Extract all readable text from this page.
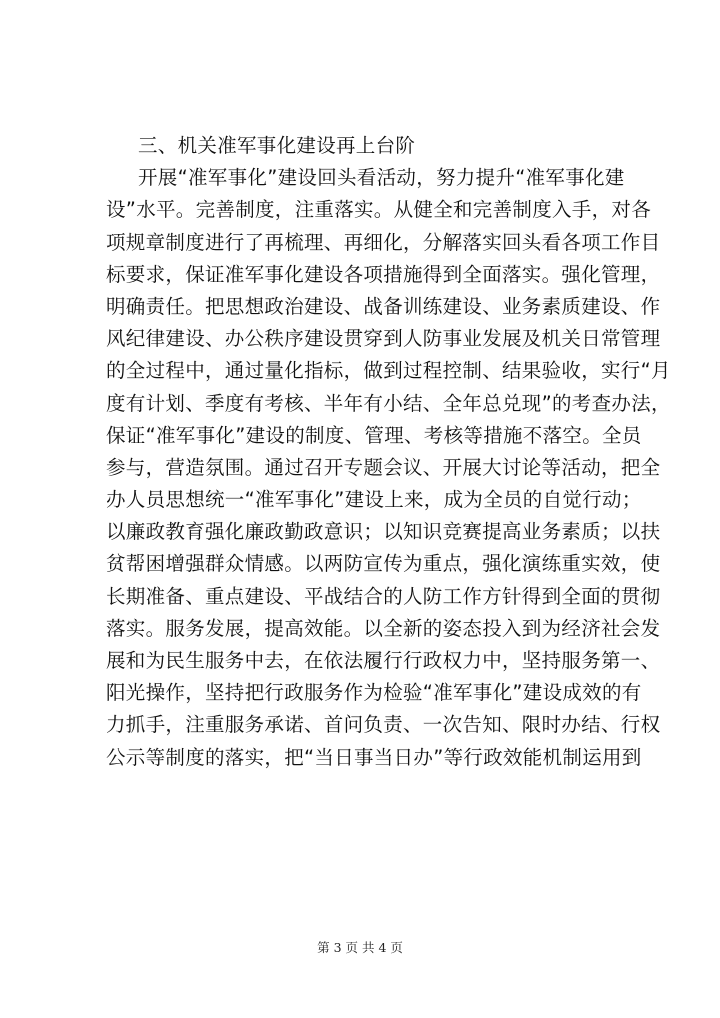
三、机关准军事化建设再上台阶
开展“准军事化”建设回头看活动，努力提升“准军事化建
设”水平。完善制度，注重落实。从健全和完善制度入手，对各
项规章制度进行了再梳理、再细化，分解落实回头看各项工作目
标要求，保证准军事化建设各项措施得到全面落实。强化管理，
明确责任。把思想政治建设、战备训练建设、业务素质建设、作
风纪律建设、办公秩序建设贯穿到人防事业发展及机关日常管理
的全过程中，通过量化指标，做到过程控制、结果验收，实行“月
度有计划、季度有考核、半年有小结、全年总兑现”的考查办法，
保证“准军事化”建设的制度、管理、考核等措施不落空。全员
参与，营造氛围。通过召开专题会议、开展大讨论等活动，把全
办人员思想统一“准军事化”建设上来，成为全员的自觉行动；
以廉政教育强化廉政勤政意识；以知识竞赛提高业务素质；以扶
贫帮困增强群众情感。以两防宣传为重点，强化演练重实效，使
长期准备、重点建设、平战结合的人防工作方针得到全面的贯彻
落实。服务发展，提高效能。以全新的姿态投入到为经济社会发
展和为民生服务中去，在依法履行行政权力中，坚持服务第一、
阳光操作，坚持把行政服务作为检验“准军事化”建设成效的有
力抓手，注重服务承诺、首问负责、一次告知、限时办结、行权
公示等制度的落实，把“当日事当日办”等行政效能机制运用到
第 3 页 共 4 页
